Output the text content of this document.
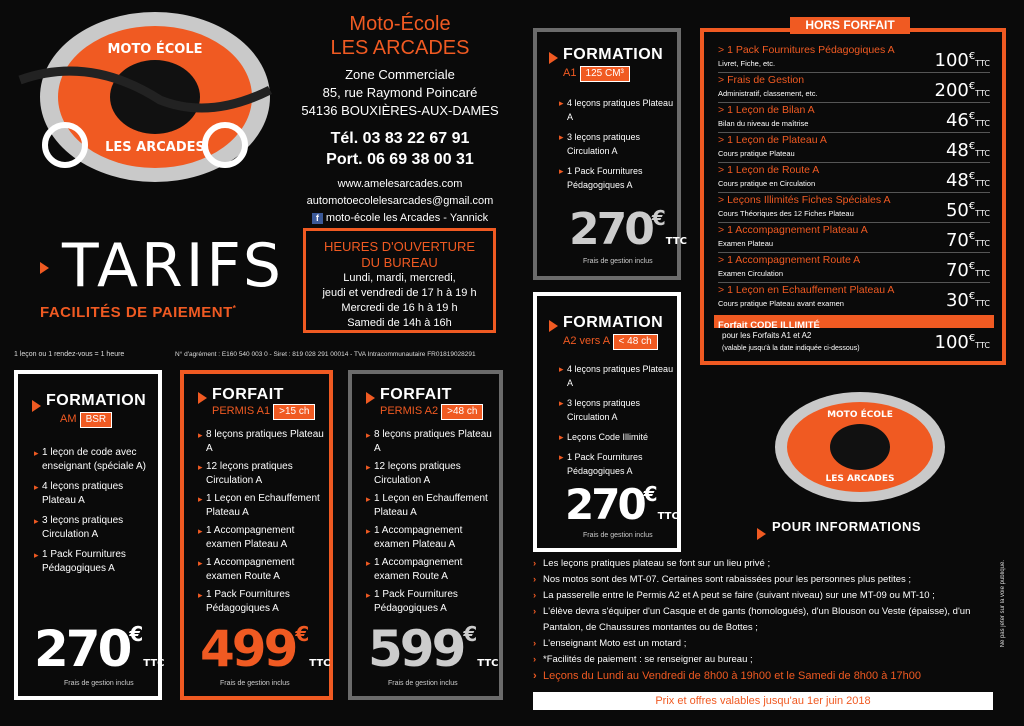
MOTO ÉCOLE
LES ARCADES
Moto-École
LES ARCADES
Zone Commerciale
85, rue Raymond Poincaré
54136 BOUXIÈRES-AUX-DAMES
Tél. 03 83 22 67 91
Port. 06 69 38 00 31
www.amelesarcades.com
automotoecolelesarcades@gmail.com
f moto-école les Arcades - Yannick
TARIFS
FACILITÉS DE PAIEMENT*
HEURES D'OUVERTURE
DU BUREAU
Lundi, mardi, mercredi,
jeudi et vendredi de 17 h à 19 h
Mercredi de 16 h à 19 h
Samedi de 14h à 16h
1 leçon ou 1 rendez-vous = 1 heure	N° d'agrément : E160 540 003 0 - Siret : 819 028 291 00014 - TVA Intracommunautaire FR01819028291
FORMATION
AM BSR
▸ 1 leçon de code avec enseignant (spéciale A)
▸ 4 leçons pratiques Plateau A
▸ 3 leçons pratiques Circulation A
▸ 1 Pack Fournitures Pédagogiques A
270€TTC
Frais de gestion inclus
FORFAIT
PERMIS A1 >15 ch
▸ 8 leçons pratiques Plateau A
▸ 12 leçons pratiques Circulation A
▸ 1 Leçon en Echauffement Plateau A
▸ 1 Accompagnement examen Plateau A
▸ 1 Accompagnement examen Route A
▸ 1 Pack Fournitures Pédagogiques A
499€TTC
Frais de gestion inclus
FORFAIT
PERMIS A2 >48 ch
▸ 8 leçons pratiques Plateau A
▸ 12 leçons pratiques Circulation A
▸ 1 Leçon en Echauffement Plateau A
▸ 1 Accompagnement examen Plateau A
▸ 1 Accompagnement examen Route A
▸ 1 Pack Fournitures Pédagogiques A
599€TTC
Frais de gestion inclus
FORMATION
A1 125 CM³
▸ 4 leçons pratiques Plateau A
▸ 3 leçons pratiques Circulation A
▸ 1 Pack Fournitures Pédagogiques A
270€TTC
Frais de gestion inclus
FORMATION
A2 vers A < 48 ch
▸ 4 leçons pratiques Plateau A
▸ 3 leçons pratiques Circulation A
▸ Leçons Code Illimité
▸ 1 Pack Fournitures Pédagogiques A
270€TTC
Frais de gestion inclus
> 1 Pack Fournitures Pédagogiques A
Livret, Fiche, etc.	100€TTC
> Frais de Gestion
Administratif, classement, etc.	200€TTC
> 1 Leçon de Bilan A
Bilan du niveau de maîtrise	46€TTC
> 1 Leçon de Plateau A
Cours pratique Plateau	48€TTC
> 1 Leçon de Route A
Cours pratique en Circulation	48€TTC
> Leçons Illimités Fiches Spéciales A
Cours Théoriques des 12 Fiches Plateau	50€TTC
> 1 Accompagnement Plateau A
Examen Plateau	70€TTC
> 1 Accompagnement Route A
Examen Circulation	70€TTC
> 1 Leçon en Echauffement Plateau A
Cours pratique Plateau avant examen	30€TTC
Forfait CODE ILLIMITÉ
pour les Forfaits A1 et A2
(valable jusqu'à la date indiquée ci-dessous)	100€TTC
HORS FORFAIT
MOTO ÉCOLE
LES ARCADES
POUR INFORMATIONS
› Les leçons pratiques plateau se font sur un lieu privé ;
› Nos motos sont des MT-07. Certaines sont rabaissées pour les personnes plus petites ;
› La passerelle entre le Permis A2 et A peut se faire (suivant niveau) sur une MT-09 ou MT-10 ;
› L'élève devra s'équiper d'un Casque et de gants (homologués), d'un Blouson ou Veste (épaisse), d'un Pantalon, de Chaussures montantes ou de Bottes ;
› L'enseignant Moto est un motard ;
› *Facilités de paiement : se renseigner au bureau ;
› Leçons du Lundi au Vendredi de 8h00 à 19h00 et le Samedi de 8h00 à 17h00
Prix et offres valables jusqu'au 1er juin 2018
Ne pas jeter sur la voie publique.
